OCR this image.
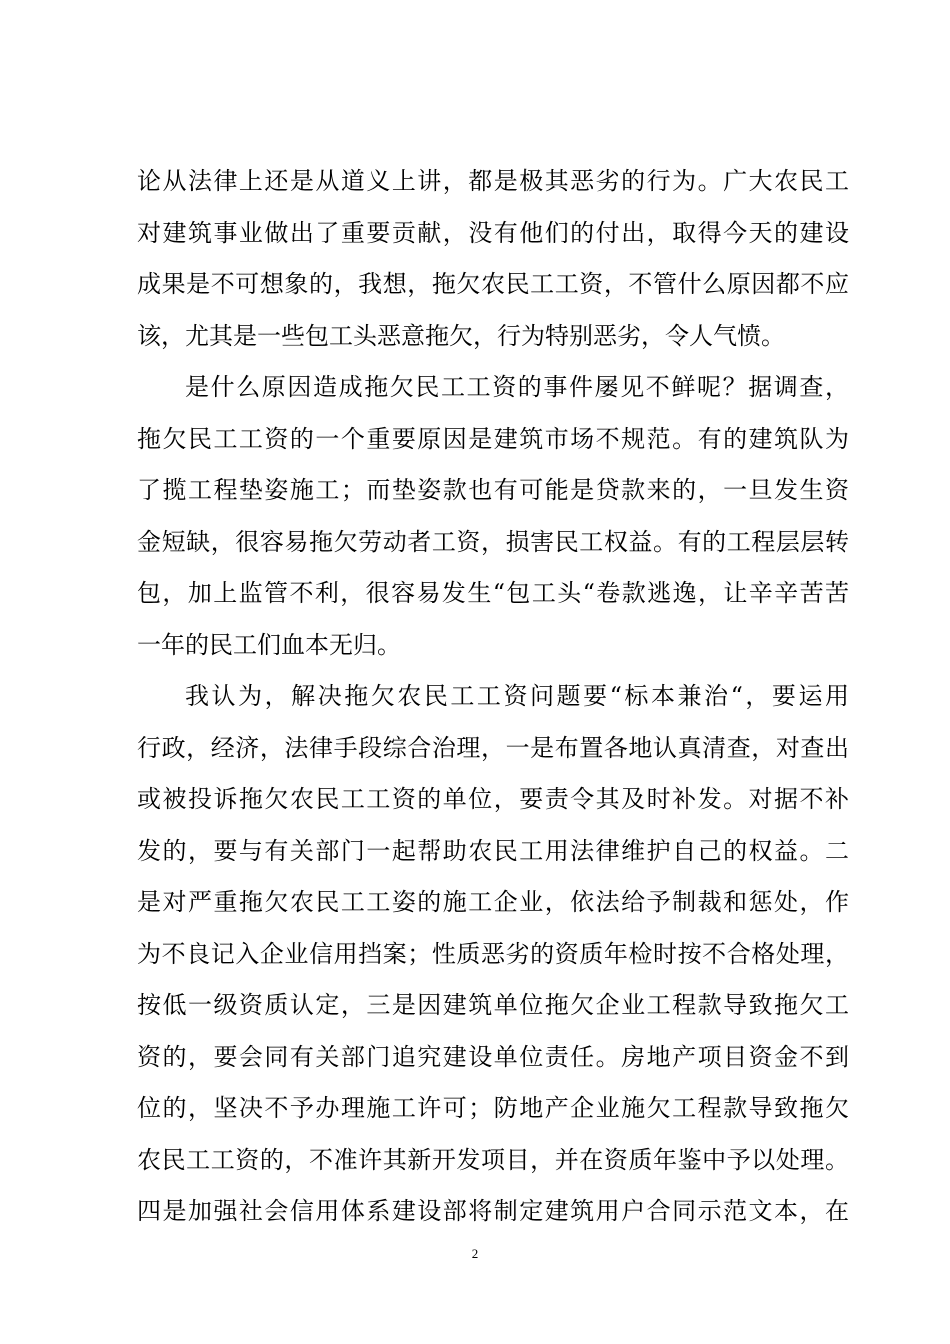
论从法律上还是从道义上讲，都是极其恶劣的行为。广大农民工
对建筑事业做出了重要贡献，没有他们的付出，取得今天的建设
成果是不可想象的，我想，拖欠农民工工资，不管什么原因都不应
该，尤其是一些包工头恶意拖欠，行为特别恶劣，令人气愤。
是什么原因造成拖欠民工工资的事件屡见不鲜呢？据调查，
拖欠民工工资的一个重要原因是建筑市场不规范。有的建筑队为
了揽工程垫姿施工；而垫姿款也有可能是贷款来的，一旦发生资
金短缺，很容易拖欠劳动者工资，损害民工权益。有的工程层层转
包，加上监管不利，很容易发生“包工头“卷款逃逸，让辛辛苦苦
一年的民工们血本无归。
我认为，解决拖欠农民工工资问题要“标本兼治“，要运用
行政，经济，法律手段综合治理，一是布置各地认真清查，对查出
或被投诉拖欠农民工工资的单位，要责令其及时补发。对据不补
发的，要与有关部门一起帮助农民工用法律维护自己的权益。二
是对严重拖欠农民工工姿的施工企业，依法给予制裁和惩处，作
为不良记入企业信用挡案；性质恶劣的资质年检时按不合格处理，
按低一级资质认定，三是因建筑单位拖欠企业工程款导致拖欠工
资的，要会同有关部门追究建设单位责任。房地产项目资金不到
位的，坚决不予办理施工许可；防地产企业施欠工程款导致拖欠
农民工工资的，不准许其新开发项目，并在资质年鉴中予以处理。
四是加强社会信用体系建设部将制定建筑用户合同示范文本，在
2
